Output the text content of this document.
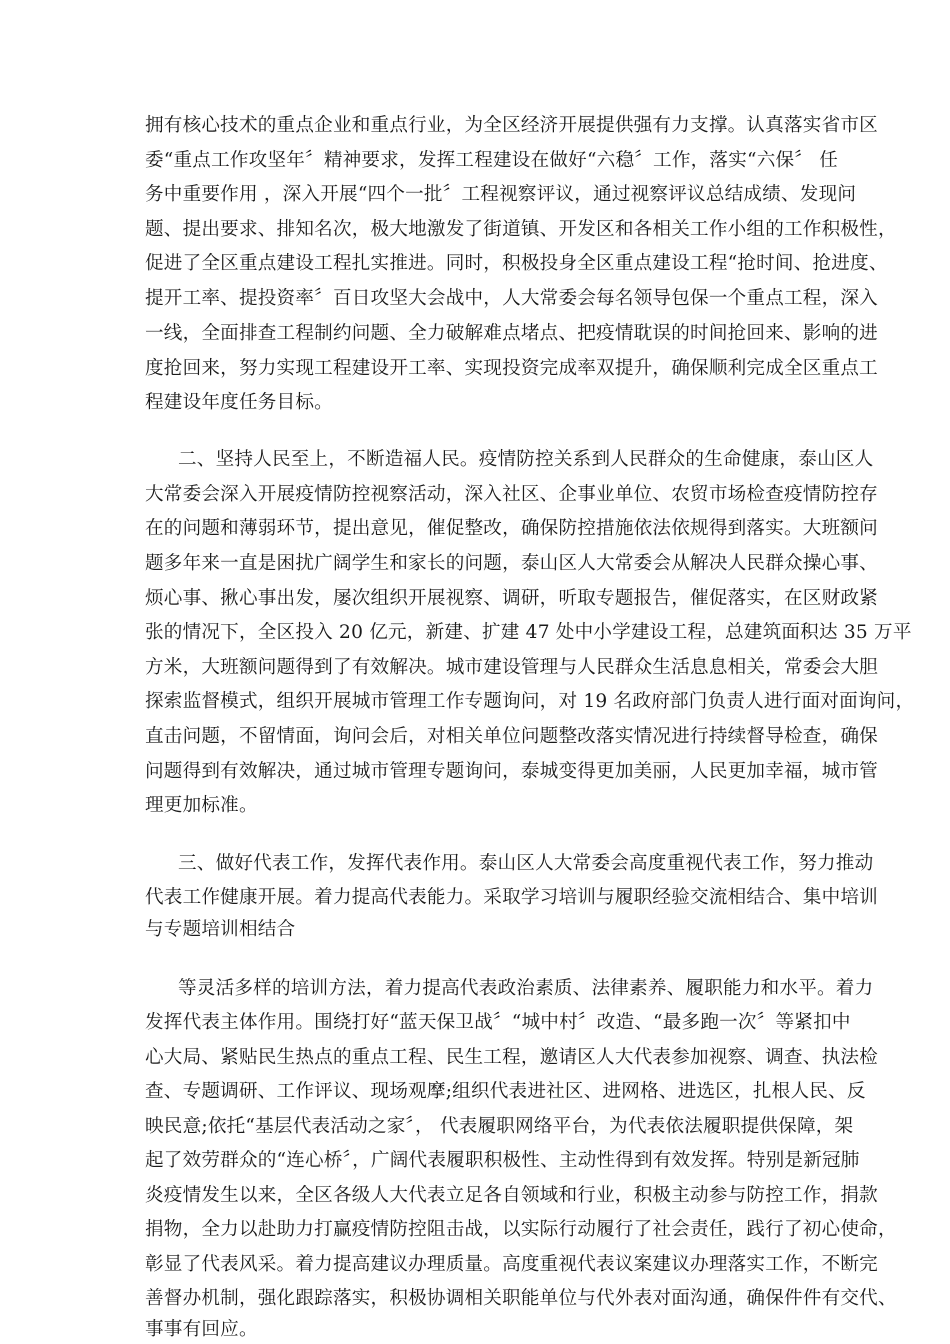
拥有核心技术的重点企业和重点行业，为全区经济开展提供强有力支撑。认真落实省市区
委“重点工作攻坚年〞精神要求，发挥工程建设在做好“六稳〞工作，落实“六保〞 任
务中重要作用 ，深入开展“四个一批〞工程视察评议，通过视察评议总结成绩、发现问
题、提出要求、排知名次，极大地激发了街道镇、开发区和各相关工作小组的工作积极性，
促进了全区重点建设工程扎实推进。同时，积极投身全区重点建设工程“抢时间、抢进度、
提开工率、提投资率〞百日攻坚大会战中，人大常委会每名领导包保一个重点工程，深入
一线，全面排查工程制约问题、全力破解难点堵点、把疫情耽误的时间抢回来、影响的进
度抢回来，努力实现工程建设开工率、实现投资完成率双提升，确保顺利完成全区重点工
程建设年度任务目标。
二、坚持人民至上，不断造福人民。疫情防控关系到人民群众的生命健康，泰山区人
大常委会深入开展疫情防控视察活动，深入社区、企事业单位、农贸市场检查疫情防控存
在的问题和薄弱环节，提出意见，催促整改，确保防控措施依法依规得到落实。大班额问
题多年来一直是困扰广阔学生和家长的问题，泰山区人大常委会从解决人民群众操心事、
烦心事、揪心事出发，屡次组织开展视察、调研，听取专题报告，催促落实，在区财政紧
张的情况下，全区投入 20 亿元，新建、扩建 47 处中小学建设工程，总建筑面积达 35 万平
方米，大班额问题得到了有效解决。城市建设管理与人民群众生活息息相关，常委会大胆
探索监督模式，组织开展城市管理工作专题询问，对 19 名政府部门负责人进行面对面询问，
直击问题，不留情面，询问会后，对相关单位问题整改落实情况进行持续督导检查，确保
问题得到有效解决，通过城市管理专题询问，泰城变得更加美丽，人民更加幸福，城市管
理更加标准。
三、做好代表工作，发挥代表作用。泰山区人大常委会高度重视代表工作，努力推动
代表工作健康开展。着力提高代表能力。采取学习培训与履职经验交流相结合、集中培训
与专题培训相结合
等灵活多样的培训方法，着力提高代表政治素质、法律素养、履职能力和水平。着力
发挥代表主体作用。围绕打好“蓝天保卫战〞“城中村〞改造、“最多跑一次〞等紧扣中
心大局、紧贴民生热点的重点工程、民生工程，邀请区人大代表参加视察、调查、执法检
查、专题调研、工作评议、现场观摩;组织代表进社区、进网格、进选区，扎根人民、反
映民意;依托“基层代表活动之家〞， 代表履职网络平台，为代表依法履职提供保障，架
起了效劳群众的“连心桥〞，广阔代表履职积极性、主动性得到有效发挥。特别是新冠肺
炎疫情发生以来，全区各级人大代表立足各自领域和行业，积极主动参与防控工作，捐款
捐物，全力以赴助力打赢疫情防控阻击战，以实际行动履行了社会责任，践行了初心使命，
彰显了代表风采。着力提高建议办理质量。高度重视代表议案建议办理落实工作，不断完
善督办机制，强化跟踪落实，积极协调相关职能单位与代外表对面沟通，确保件件有交代、
事事有回应。
